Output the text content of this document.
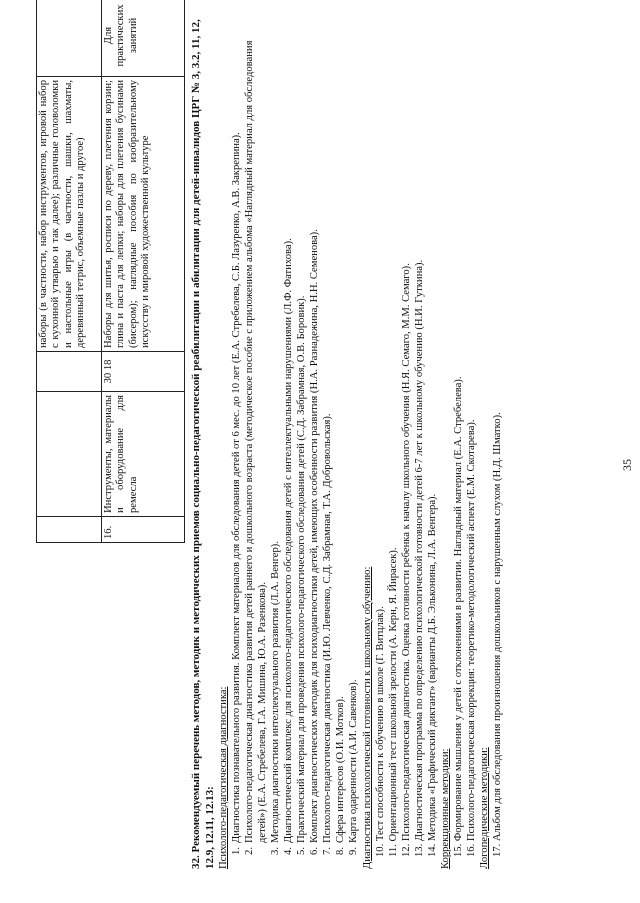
35
			наборы (в частности, набор инструментов, игровой набор с кухонной утварью и так далее); различные головоломки и настольные игры (в частности, шашки, шахматы, деревянный тетрис, объемные пазлы и другое)	
16.	Инструменты, материалы и оборудование для ремесла	30 18	Наборы для шитья, росписи по дереву, плетения корзин; глина и паста для лепки; наборы для плетения бусинами (бисером); наглядные пособия по изобразительному искусству и мировой художественной культуре	Для практических занятий	32. Рекомендуемый перечень методов, методик и методических приемов социально-педагогической реабилитации и абилитации для детей-инвалидов ЦРГ № 3, 3.2, 11, 12, 12.9, 12.11, 12.13: Психолого-педагогическая диагностика: 1.
Диагностика познавательного развития. Комплект материалов для обследования детей от 6 мес. до 10 лет (Е.А. Стребелева, С.Б. Лазуренко, А.В. Закрепина).
2.
Психолого-педагогическая диагностика развития детей раннего и дошкольного возраста (методическое пособие с приложением альбома «Наглядный материал для обследования детей») (Е.А. Стребелева, Г.А. Мишина, Ю.А. Разенкова).
3.
Методика диагностики интеллектуального развития (Л.А. Венгер).
4.
Диагностический комплекс для психолого-педагогического обследования детей с интеллектуальными нарушениями (Л.Ф. Фатихова).
5.
Практический материал для проведения психолого-педагогического обследования детей (С.Д. Забрамная, О.В. Боровик).
6.
Комплект диагностических методик для психодиагностики детей, имеющих особенности развития (Н.А. Разнадежина, Н.Н. Семенова).
7.
Психолого-педагогическая диагностика (И.Ю. Левченко, С.Д. Забрамная, Т.А. Добровольская).
8.
Сфера интересов (О.И. Мотков).
9.
Карта одаренности (А.И. Савенков). Диагностика психологической готовности к школьному обучению: 10. Тест способности к обучению в школе (Г. Витцлак). 11. Ориентационный тест школьной зрелости (А. Керн, Я. Йирасек). 12. Психолого-педагогическая диагностика. Оценка готовности ребенка к началу школьного обучения (Н.Я. Семаго, М.М. Семаго). 13. Диагностическая программа по определению психологической готовности детей 6-7 лет к школьному обучению (Н.И. Гуткина). 14. Методика «Графический диктант» (варианты Д.Б. Эльконина, Л.А. Венгера). Коррекционные методики: 15. Формирование мышления у детей с отклонениями в развитии. Наглядный материал (Е.А. Стребелева). 16. Психолого-педагогическая коррекция: теоретико-методологический аспект (Е.М. Скотарева). Логопедические методики: 17. Альбом для обследования произношения дошкольников с нарушенным слухом (Н.Д. Шматко).
